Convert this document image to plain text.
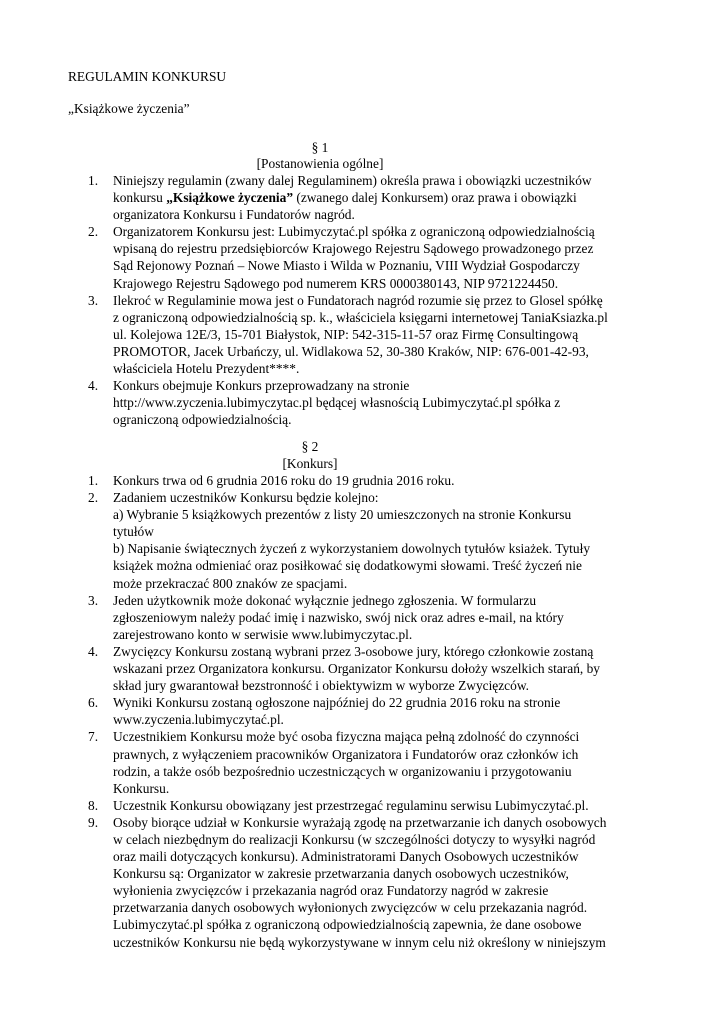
REGULAMIN KONKURSU
„Książkowe życzenia”
§ 1
[Postanowienia ogólne]
1. Niniejszy regulamin (zwany dalej Regulaminem) określa prawa i obowiązki uczestników
konkursu „Książkowe życzenia” (zwanego dalej Konkursem) oraz prawa i obowiązki
organizatora Konkursu i Fundatorów nagród.
2. Organizatorem Konkursu jest: Lubimyczytać.pl spółka z ograniczoną odpowiedzialnością
wpisaną do rejestru przedsiębiorców Krajowego Rejestru Sądowego prowadzonego przez
Sąd Rejonowy Poznań – Nowe Miasto i Wilda w Poznaniu, VIII Wydział Gospodarczy
Krajowego Rejestru Sądowego pod numerem KRS 0000380143, NIP 9721224450.
3. Ilekroć w Regulaminie mowa jest o Fundatorach nagród rozumie się przez to Glosel spółkę
z ograniczoną odpowiedzialnością sp. k., właściciela księgarni internetowej TaniaKsiazka.pl
ul. Kolejowa 12E/3, 15-701 Białystok, NIP: 542-315-11-57 oraz Firmę Consultingową
PROMOTOR, Jacek Urbańczy, ul. Widlakowa 52, 30-380 Kraków, NIP: 676-001-42-93,
właściciela Hotelu Prezydent****.
4. Konkurs obejmuje Konkurs przeprowadzany na stronie
http://www.zyczenia.lubimyczytac.pl będącej własnością Lubimyczytać.pl spółka z
ograniczoną odpowiedzialnością.
§ 2
[Konkurs]
1. Konkurs trwa od 6 grudnia 2016 roku do 19 grudnia 2016 roku.
2. Zadaniem uczestników Konkursu będzie kolejno:
a) Wybranie 5 książkowych prezentów z listy 20 umieszczonych na stronie Konkursu
tytułów
b) Napisanie świątecznych życzeń z wykorzystaniem dowolnych tytułów ksiażek. Tytuły
książek można odmieniać oraz posiłkować się dodatkowymi słowami. Treść życzeń nie
może przekraczać 800 znaków ze spacjami.
3. Jeden użytkownik może dokonać wyłącznie jednego zgłoszenia. W formularzu
zgłoszeniowym należy podać imię i nazwisko, swój nick oraz adres e-mail, na który
zarejestrowano konto w serwisie www.lubimyczytac.pl.
4. Zwycięzcy Konkursu zostaną wybrani przez 3-osobowe jury, którego członkowie zostaną
wskazani przez Organizatora konkursu. Organizator Konkursu dołoży wszelkich starań, by
skład jury gwarantował bezstronność i obiektywizm w wyborze Zwycięzców.
6. Wyniki Konkursu zostaną ogłoszone najpóźniej do 22 grudnia 2016 roku na stronie
www.zyczenia.lubimyczytać.pl.
7. Uczestnikiem Konkursu może być osoba fizyczna mająca pełną zdolność do czynności
prawnych, z wyłączeniem pracowników Organizatora i Fundatorów oraz członków ich
rodzin, a także osób bezpośrednio uczestniczących w organizowaniu i przygotowaniu
Konkursu.
8. Uczestnik Konkursu obowiązany jest przestrzegać regulaminu serwisu Lubimyczytać.pl.
9. Osoby biorące udział w Konkursie wyrażają zgodę na przetwarzanie ich danych osobowych
w celach niezbędnym do realizacji Konkursu (w szczególności dotyczy to wysyłki nagród
oraz maili dotyczących konkursu). Administratorami Danych Osobowych uczestników
Konkursu są: Organizator w zakresie przetwarzania danych osobowych uczestników,
wyłonienia zwycięzców i przekazania nagród oraz Fundatorzy nagród w zakresie
przetwarzania danych osobowych wyłonionych zwycięzców w celu przekazania nagród.
Lubimyczytać.pl spółka z ograniczoną odpowiedzialnością zapewnia, że dane osobowe
uczestników Konkursu nie będą wykorzystywane w innym celu niż określony w niniejszym
